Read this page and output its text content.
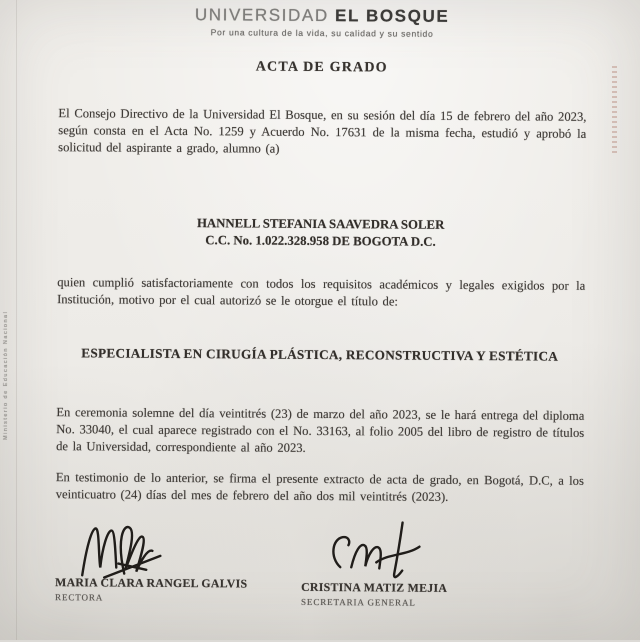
Ministerio de Educación Nacional
UNIVERSIDAD EL BOSQUE
Por una cultura de la vida, su calidad y su sentido
ACTA DE GRADO
El Consejo Directivo de la Universidad El Bosque, en su sesión del día 15 de febrero del año 2023, según consta en el Acta No. 1259 y Acuerdo No. 17631 de la misma fecha, estudió y aprobó la solicitud del aspirante a grado, alumno (a)
HANNELL STEFANIA SAAVEDRA SOLER
C.C. No. 1.022.328.958 DE BOGOTA D.C.
quien cumplió satisfactoriamente con todos los requisitos académicos y legales exigidos por la Institución, motivo por el cual autorizó se le otorgue el título de:
ESPECIALISTA EN CIRUGÍA PLÁSTICA, RECONSTRUCTIVA Y ESTÉTICA
En ceremonia solemne del día veintitrés (23) de marzo del año 2023, se le hará entrega del diploma No. 33040, el cual aparece registrado con el No. 33163, al folio 2005 del libro de registro de títulos de la Universidad, correspondiente al año 2023.
En testimonio de lo anterior, se firma el presente extracto de acta de grado, en Bogotá, D.C, a los veinticuatro (24) días del mes de febrero del año dos mil veintitrés (2023).
MARIA CLARA RANGEL GALVIS
RECTORA
CRISTINA MATIZ MEJIA
SECRETARIA GENERAL
